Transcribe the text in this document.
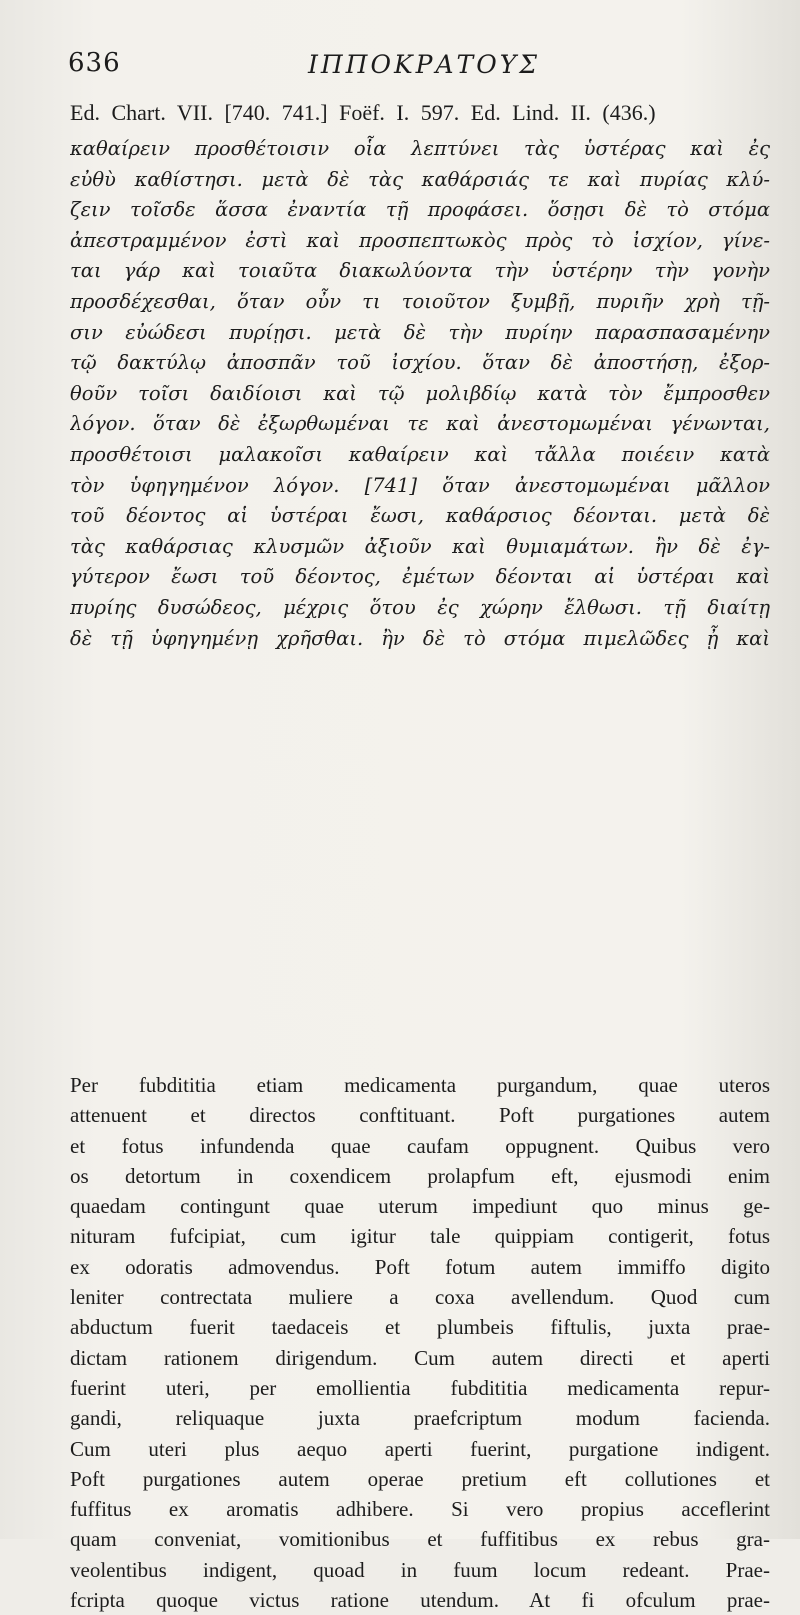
636	ΙΠΠΟΚΡΑΤΟΥΣ
Ed. Chart. VII. [740. 741.] Foëf. I. 597. Ed. Lind. II. (436.)
καθαίρειν προσθέτοισιν οἷα λεπτύνει τὰς ὑστέρας καὶ ἐς
εὐθὺ καθίστησι. μετὰ δὲ τὰς καθάρσιάς τε καὶ πυρίας κλύ-
ζειν τοῖσδε ἅσσα ἐναντία τῇ προφάσει. ὅσῃσι δὲ τὸ στόμα
ἀπεστραμμένον ἐστὶ καὶ προσπεπτωκὸς πρὸς τὸ ἰσχίον, γίνε-
ται γάρ καὶ τοιαῦτα διακωλύοντα τὴν ὑστέρην τὴν γονὴν
προσδέχεσθαι, ὅταν οὖν τι τοιοῦτον ξυμβῇ, πυριῆν χρὴ τῇ-
σιν εὐώδεσι πυρίῃσι. μετὰ δὲ τὴν πυρίην παρασπασαμένην
τῷ δακτύλῳ ἀποσπᾶν τοῦ ἰσχίου. ὅταν δὲ ἀποστήσῃ, ἐξορ-
θοῦν τοῖσι δαιδίοισι καὶ τῷ μολιβδίῳ κατὰ τὸν ἔμπροσθεν
λόγον. ὅταν δὲ ἐξωρθωμέναι τε καὶ ἀνεστομωμέναι γένωνται,
προσθέτοισι μαλακοῖσι καθαίρειν καὶ τἄλλα ποιέειν κατὰ
τὸν ὑφηγημένον λόγον. [741] ὅταν ἀνεστομωμέναι μᾶλλον
τοῦ δέοντος αἱ ὑστέραι ἔωσι, καθάρσιος δέονται. μετὰ δὲ
τὰς καθάρσιας κλυσμῶν ἀξιοῦν καὶ θυμιαμάτων. ἢν δὲ ἐγ-
γύτερον ἔωσι τοῦ δέοντος, ἐμέτων δέονται αἱ ὑστέραι καὶ
πυρίης δυσώδεος, μέχρις ὅτου ἐς χώρην ἔλθωσι. τῇ διαίτῃ
δὲ τῇ ὑφηγημένῃ χρῆσθαι. ἢν δὲ τὸ στόμα πιμελῶδες ᾖ καὶ
Per fubdititia etiam medicamenta purgandum, quae uteros
attenuent et directos conftituant. Poft purgationes autem
et fotus infundenda quae caufam oppugnent. Quibus vero
os detortum in coxendicem prolapfum eft, ejusmodi enim
quaedam contingunt quae uterum impediunt quo minus ge-
nituram fufcipiat, cum igitur tale quippiam contigerit, fotus
ex odoratis admovendus. Poft fotum autem immiffo digito
leniter contrectata muliere a coxa avellendum. Quod cum
abductum fuerit taedaceis et plumbeis fiftulis, juxta prae-
dictam rationem dirigendum. Cum autem directi et aperti
fuerint uteri, per emollientia fubdititia medicamenta repur-
gandi, reliquaque juxta praefcriptum modum facienda.
Cum uteri plus aequo aperti fuerint, purgatione indigent.
Poft purgationes autem operae pretium eft collutiones et
fuffitus ex aromatis adhibere. Si vero propius acceflerint
quam conveniat, vomitionibus et fuffitibus ex rebus gra-
veolentibus indigent, quoad in fuum locum redeant. Prae-
fcripta quoque victus ratione utendum. At fi ofculum prae-
